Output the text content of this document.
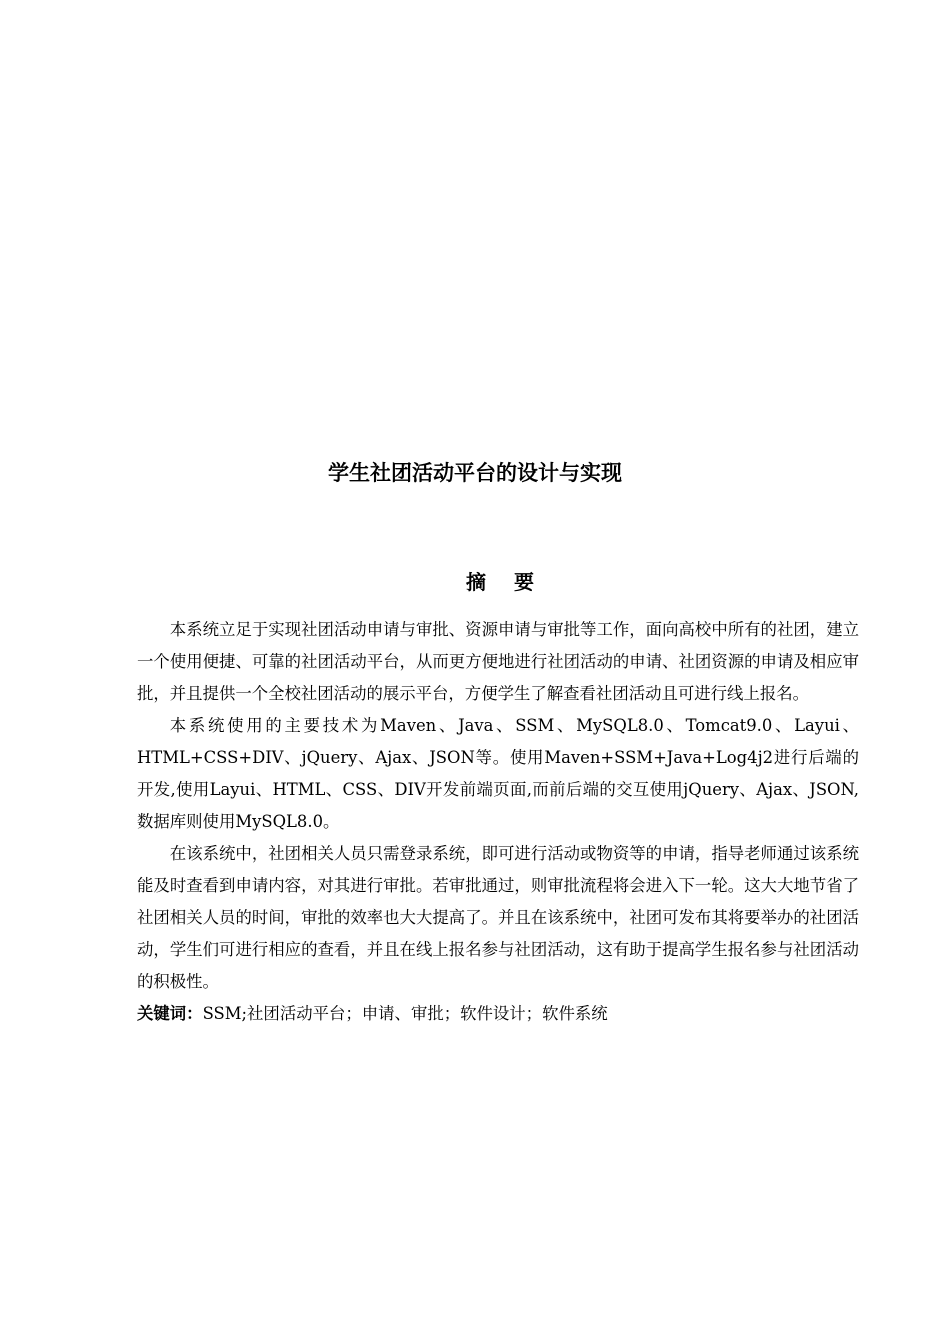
学生社团活动平台的设计与实现
摘 要

本系统立足于实现社团活动申请与审批、资源申请与审批等工作，面向高校中所有的社团，建立一个使用便捷、可靠的社团活动平台，从而更方便地进行社团活动的申请、社团资源的申请及相应审批，并且提供一个全校社团活动的展示平台，方便学生了解查看社团活动且可进行线上报名。

本系统使用的主要技术为Maven、Java、SSM、MySQL8.0、Tomcat9.0、Layui、HTML+CSS+DIV、jQuery、Ajax、JSON等。使用Maven+SSM+Java+Log4j2进行后端的开发,使用Layui、HTML、CSS、DIV开发前端页面,而前后端的交互使用jQuery、Ajax、JSON,数据库则使用MySQL8.0。

在该系统中，社团相关人员只需登录系统，即可进行活动或物资等的申请，指导老师通过该系统能及时查看到申请内容，对其进行审批。若审批通过，则审批流程将会进入下一轮。这大大地节省了社团相关人员的时间，审批的效率也大大提高了。并且在该系统中，社团可发布其将要举办的社团活动，学生们可进行相应的查看，并且在线上报名参与社团活动，这有助于提高学生报名参与社团活动的积极性。

关键词：SSM;社团活动平台；申请、审批；软件设计；软件系统
